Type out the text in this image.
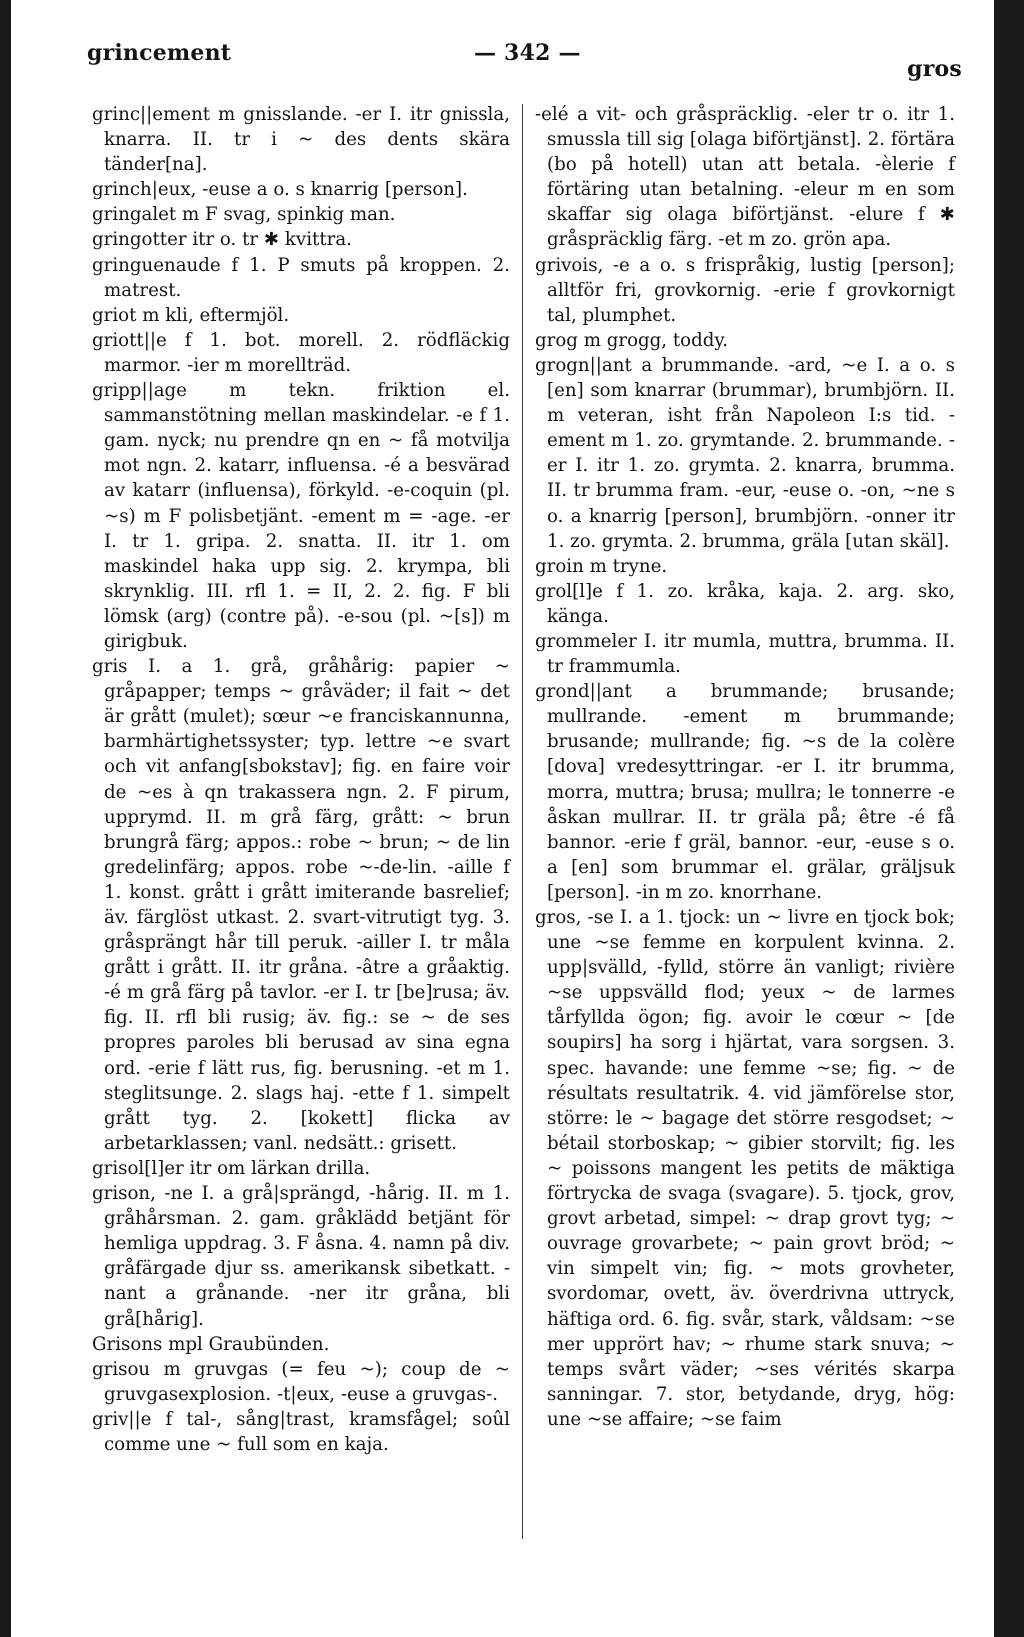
grincement	— 342 —
gros

grinc||ement m gnisslande. -er I. itr gnissla, knarra. II. tr i ~ des dents skära tänder[na].

grinch|eux, -euse a o. s knarrig [person].

gringalet m F svag, spinkig man.

gringotter itr o. tr ✱ kvittra.

gringuenaude f 1. P smuts på kroppen. 2. matrest.

griot m kli, eftermjöl.

griott||e f 1. bot. morell. 2. rödfläckig marmor. -ier m morellträd.

gripp||age m tekn. friktion el. sammanstötning mellan maskindelar. -e f 1. gam. nyck; nu prendre qn en ~ få motvilja mot ngn. 2. katarr, influensa. -é a besvärad av katarr (influensa), förkyld. -e-coquin (pl. ~s) m F polisbetjänt. -ement m = -age. -er I. tr 1. gripa. 2. snatta. II. itr 1. om maskindel haka upp sig. 2. krympa, bli skrynklig. III. rfl 1. = II, 2. 2. fig. F bli lömsk (arg) (contre på). -e-sou (pl. ~[s]) m girigbuk.

gris I. a 1. grå, gråhårig: papier ~ gråpapper; temps ~ gråväder; il fait ~ det är grått (mulet); sœur ~e franciskannunna, barmhärtighetssyster; typ. lettre ~e svart och vit anfang[sbokstav]; fig. en faire voir de ~es à qn trakassera ngn. 2. F pirum, upprymd. II. m grå färg, grått: ~ brun brungrå färg; appos.: robe ~ brun; ~ de lin gredelinfärg; appos. robe ~-de-lin. -aille f 1. konst. grått i grått imiterande basrelief; äv. färglöst utkast. 2. svart-vitrutigt tyg. 3. gråsprängt hår till peruk. -ailler I. tr måla grått i grått. II. itr gråna. -âtre a gråaktig. -é m grå färg på tavlor. -er I. tr [be]rusa; äv. fig. II. rfl bli rusig; äv. fig.: se ~ de ses propres paroles bli berusad av sina egna ord. -erie f lätt rus, fig. berusning. -et m 1. steglitsunge. 2. slags haj. -ette f 1. simpelt grått tyg. 2. [kokett] flicka av arbetarklassen; vanl. nedsätt.: grisett.

grisol[l]er itr om lärkan drilla.

grison, -ne I. a grå|sprängd, -hårig. II. m 1. gråhårsman. 2. gam. gråklädd betjänt för hemliga uppdrag. 3. F åsna. 4. namn på div. gråfärgade djur ss. amerikansk sibetkatt. -nant a grånande. -ner itr gråna, bli grå[hårig].

Grisons mpl Graubünden.

grisou m gruvgas (= feu ~); coup de ~ gruvgasexplosion. -t|eux, -euse a gruvgas-.

griv||e f tal-, sång|trast, kramsfågel; soûl comme une ~ full som en kaja.

-elé a vit- och gråspräcklig. -eler tr o. itr 1. smussla till sig [olaga biförtjänst]. 2. förtära (bo på hotell) utan att betala. -èlerie f förtäring utan betalning. -eleur m en som skaffar sig olaga biförtjänst. -elure f ✱ gråspräcklig färg. -et m zo. grön apa.

grivois, -e a o. s frispråkig, lustig [person]; alltför fri, grovkornig. -erie f grovkornigt tal, plumphet.

grog m grogg, toddy.

grogn||ant a brummande. -ard, ~e I. a o. s [en] som knarrar (brummar), brumbjörn. II. m veteran, isht från Napoleon I:s tid. -ement m 1. zo. grymtande. 2. brummande. -er I. itr 1. zo. grymta. 2. knarra, brumma. II. tr brumma fram. -eur, -euse o. -on, ~ne s o. a knarrig [person], brumbjörn. -onner itr 1. zo. grymta. 2. brumma, gräla [utan skäl].

groin m tryne.

grol[l]e f 1. zo. kråka, kaja. 2. arg. sko, känga.

grommeler I. itr mumla, muttra, brumma. II. tr frammumla.

grond||ant a brummande; brusande; mullrande. -ement m brummande; brusande; mullrande; fig. ~s de la colère [dova] vredesyttringar. -er I. itr brumma, morra, muttra; brusa; mullra; le tonnerre -e åskan mullrar. II. tr gräla på; être -é få bannor. -erie f gräl, bannor. -eur, -euse s o. a [en] som brummar el. grälar, gräljsuk [person]. -in m zo. knorrhane.

gros, -se I. a 1. tjock: un ~ livre en tjock bok; une ~se femme en korpulent kvinna. 2. upp|svälld, -fylld, större än vanligt; rivière ~se uppsvälld flod; yeux ~ de larmes tårfyllda ögon; fig. avoir le cœur ~ [de soupirs] ha sorg i hjärtat, vara sorgsen. 3. spec. havande: une femme ~se; fig. ~ de résultats resultatrik. 4. vid jämförelse stor, större: le ~ bagage det större resgodset; ~ bétail storboskap; ~ gibier storvilt; fig. les ~ poissons mangent les petits de mäktiga förtrycka de svaga (svagare). 5. tjock, grov, grovt arbetad, simpel: ~ drap grovt tyg; ~ ouvrage grovarbete; ~ pain grovt bröd; ~ vin simpelt vin; fig. ~ mots grovheter, svordomar, ovett, äv. överdrivna uttryck, häftiga ord. 6. fig. svår, stark, våldsam: ~se mer upprört hav; ~ rhume stark snuva; ~ temps svårt väder; ~ses vérités skarpa sanningar. 7. stor, betydande, dryg, hög: une ~se affaire; ~se faim
